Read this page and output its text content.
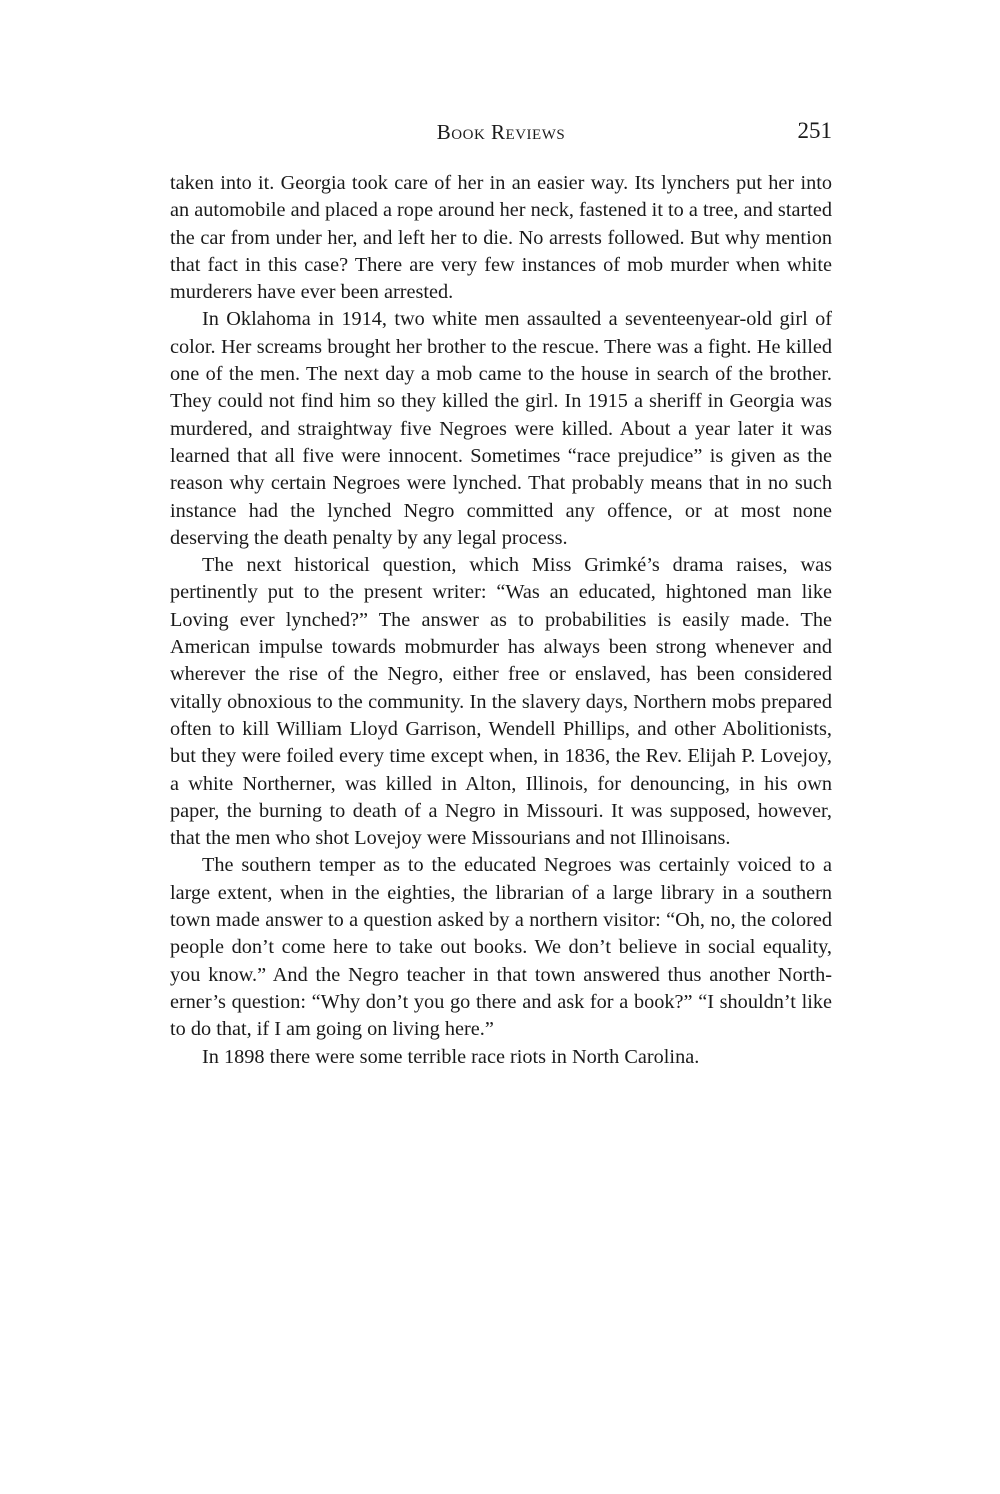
Book Reviews	251

taken into it. Georgia took care of her in an easier way. Its lynchers put her into an automobile and placed a rope around her neck, fastened it to a tree, and started the car from under her, and left her to die. No arrests followed. But why mention that fact in this case? There are very few instances of mob murder when white murderers have ever been arrested.

In Oklahoma in 1914, two white men assaulted a seventeenyear-old girl of color. Her screams brought her brother to the rescue. There was a fight. He killed one of the men. The next day a mob came to the house in search of the brother. They could not find him so they killed the girl. In 1915 a sheriff in Georgia was murdered, and straightway five Negroes were killed. About a year later it was learned that all five were innocent. Sometimes “race prejudice” is given as the reason why certain Negroes were lynched. That probably means that in no such instance had the lynched Negro committed any offence, or at most none deserving the death penalty by any legal process.

The next historical question, which Miss Grimké’s drama raises, was pertinently put to the present writer: “Was an educated, hightoned man like Loving ever lynched?” The answer as to probabilities is easily made. The American impulse towards mobmurder has always been strong whenever and wherever the rise of the Negro, either free or enslaved, has been considered vitally obnoxious to the community. In the slavery days, Northern mobs prepared often to kill William Lloyd Garrison, Wendell Phillips, and other Abolitionists, but they were foiled every time except when, in 1836, the Rev. Elijah P. Lovejoy, a white Northerner, was killed in Alton, Illinois, for denouncing, in his own paper, the burning to death of a Negro in Missouri. It was supposed, however, that the men who shot Lovejoy were Missourians and not Illinoisans.

The southern temper as to the educated Negroes was certainly voiced to a large extent, when in the eighties, the librarian of a large library in a southern town made answer to a question asked by a northern visitor: “Oh, no, the colored people don’t come here to take out books. We don’t believe in social equality, you know.” And the Negro teacher in that town answered thus another Northerner’s question: “Why don’t you go there and ask for a book?” “I shouldn’t like to do that, if I am going on living here.”

In 1898 there were some terrible race riots in North Carolina.
